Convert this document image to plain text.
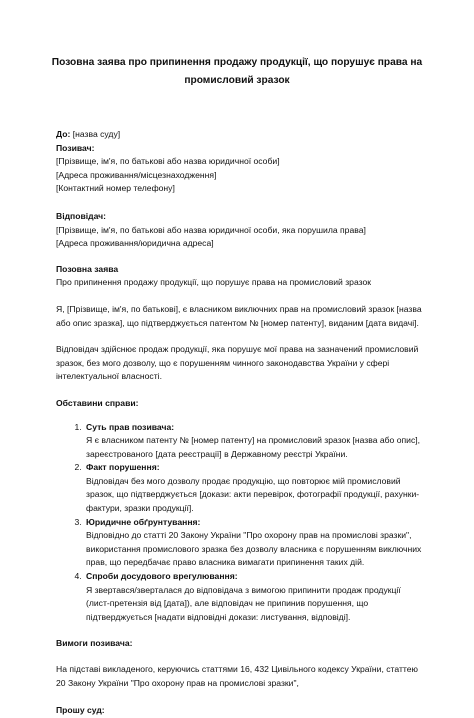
Позовна заява про припинення продажу продукції, що порушує права на
промисловий зразок

До: [назва суду]

Позивач:

[Прізвище, ім'я, по батькові або назва юридичної особи]

[Адреса проживання/місцезнаходження]

[Контактний номер телефону]

Відповідач:

[Прізвище, ім'я, по батькові або назва юридичної особи, яка порушила права]

[Адреса проживання/юридична адреса]

Позовна заява

Про припинення продажу продукції, що порушує права на промисловий зразок

Я, [Прізвище, ім'я, по батькові], є власником виключних прав на промисловий зразок [назва або опис зразка], що підтверджується патентом № [номер патенту], виданим [дата видачі].

Відповідач здійснює продаж продукції, яка порушує мої права на зазначений промисловий зразок, без мого дозволу, що є порушенням чинного законодавства України у сфері інтелектуальної власності.

Обставини справи:

1. Суть прав позивача:
Я є власником патенту № [номер патенту] на промисловий зразок [назва або опис], зареєстрованого [дата реєстрації] в Державному реєстрі України.
2. Факт порушення:
Відповідач без мого дозволу продає продукцію, що повторює мій промисловий зразок, що підтверджується [докази: акти перевірок, фотографії продукції, рахунки-фактури, зразки продукції].
3. Юридичне обґрунтування:
Відповідно до статті 20 Закону України "Про охорону прав на промислові зразки", використання промислового зразка без дозволу власника є порушенням виключних прав, що передбачає право власника вимагати припинення таких дій.
4. Спроби досудового врегулювання:
Я звертався/зверталася до відповідача з вимогою припинити продаж продукції (лист-претензія від [дата]), але відповідач не припинив порушення, що підтверджується [надати відповідні докази: листування, відповіді].

Вимоги позивача:

На підставі викладеного, керуючись статтями 16, 432 Цивільного кодексу України, статтею 20 Закону України "Про охорону прав на промислові зразки",

Прошу суд:
